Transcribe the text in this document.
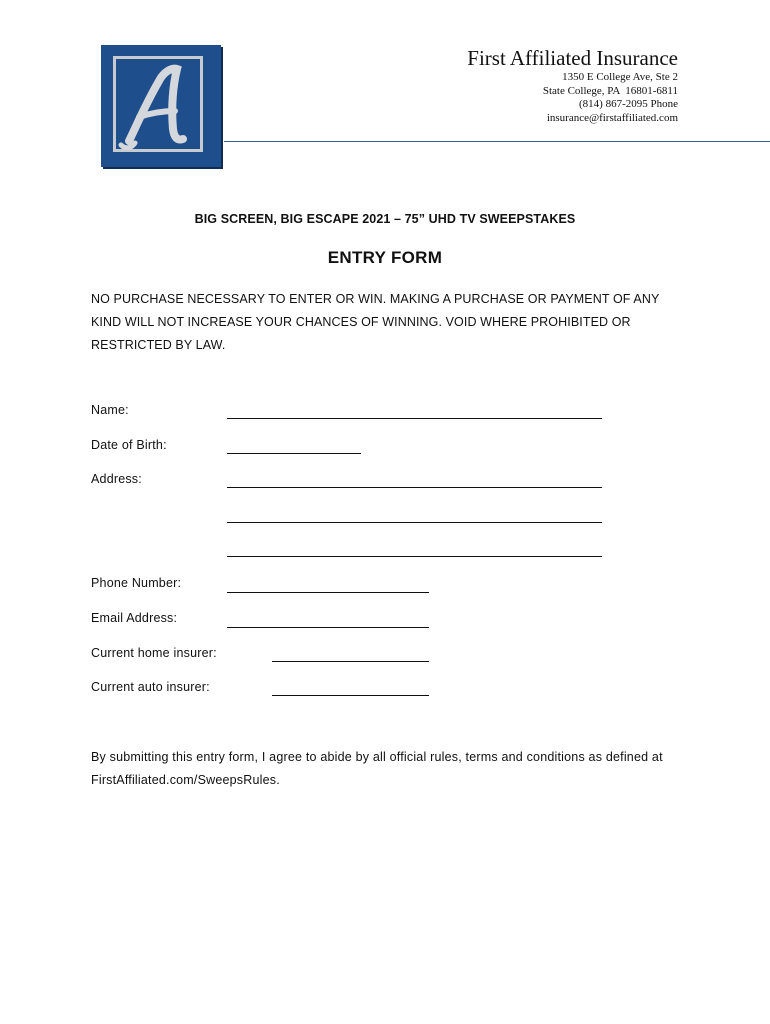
First Affiliated Insurance
1350 E College Ave, Ste 2
State College, PA  16801-6811
(814) 867-2095 Phone
insurance@firstaffiliated.com
BIG SCREEN, BIG ESCAPE 2021 – 75” UHD TV SWEEPSTAKES
ENTRY FORM
NO PURCHASE NECESSARY TO ENTER OR WIN. MAKING A PURCHASE OR PAYMENT OF ANY KIND WILL NOT INCREASE YOUR CHANCES OF WINNING. VOID WHERE PROHIBITED OR RESTRICTED BY LAW.
Name:
Date of Birth:
Address:
Phone Number:
Email Address:
Current home insurer:
Current auto insurer:
By submitting this entry form, I agree to abide by all official rules, terms and conditions as defined at FirstAffiliated.com/SweepsRules.
